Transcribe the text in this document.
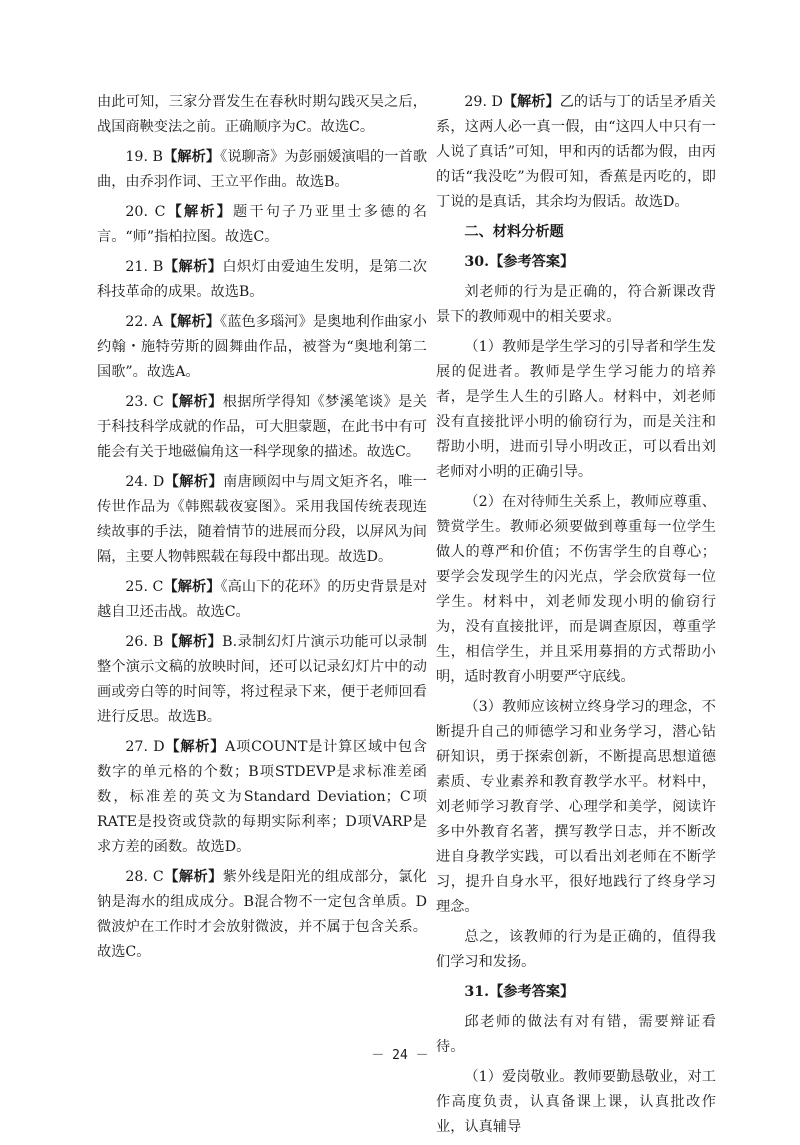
由此可知，三家分晋发生在春秋时期勾践灭吴之后，战国商鞅变法之前。正确顺序为C。故选C。

19. B【解析】《说聊斋》为彭丽媛演唱的一首歌曲，由乔羽作词、王立平作曲。故选B。

20. C【解析】题干句子乃亚里士多德的名言。“师”指柏拉图。故选C。

21. B【解析】白炽灯由爱迪生发明，是第二次科技革命的成果。故选B。

22. A【解析】《蓝色多瑙河》是奥地利作曲家小约翰・施特劳斯的圆舞曲作品，被誉为“奥地利第二国歌”。故选A。

23. C【解析】根据所学得知《梦溪笔谈》是关于科技科学成就的作品，可大胆蒙题，在此书中有可能会有关于地磁偏角这一科学现象的描述。故选C。

24. D【解析】南唐顾闳中与周文矩齐名，唯一传世作品为《韩熙载夜宴图》。采用我国传统表现连续故事的手法，随着情节的进展而分段，以屏风为间隔，主要人物韩熙载在每段中都出现。故选D。

25. C【解析】《高山下的花环》的历史背景是对越自卫还击战。故选C。

26. B【解析】B.录制幻灯片演示功能可以录制整个演示文稿的放映时间，还可以记录幻灯片中的动画或旁白等的时间等，将过程录下来，便于老师回看进行反思。故选B。

27. D【解析】A项COUNT是计算区域中包含数字的单元格的个数；B项STDEVP是求标准差函数，标准差的英文为Standard Deviation；C项RATE是投资或贷款的每期实际利率；D项VARP是求方差的函数。故选D。

28. C【解析】紫外线是阳光的组成部分，氯化钠是海水的组成成分。B混合物不一定包含单质。D微波炉在工作时才会放射微波，并不属于包含关系。故选C。

29. D【解析】乙的话与丁的话呈矛盾关系，这两人必一真一假，由“这四人中只有一人说了真话”可知，甲和丙的话都为假，由丙的话“我没吃”为假可知，香蕉是丙吃的，即丁说的是真话，其余均为假话。故选D。

二、材料分析题

30.【参考答案】

刘老师的行为是正确的，符合新课改背景下的教师观中的相关要求。

（1）教师是学生学习的引导者和学生发展的促进者。教师是学生学习能力的培养者，是学生人生的引路人。材料中，刘老师没有直接批评小明的偷窃行为，而是关注和帮助小明，进而引导小明改正，可以看出刘老师对小明的正确引导。

（2）在对待师生关系上，教师应尊重、赞赏学生。教师必须要做到尊重每一位学生做人的尊严和价值；不伤害学生的自尊心；要学会发现学生的闪光点，学会欣赏每一位学生。材料中，刘老师发现小明的偷窃行为，没有直接批评，而是调查原因，尊重学生，相信学生，并且采用募捐的方式帮助小明，适时教育小明要严守底线。

（3）教师应该树立终身学习的理念，不断提升自己的师德学习和业务学习，潜心钻研知识，勇于探索创新，不断提高思想道德素质、专业素养和教育教学水平。材料中，刘老师学习教育学、心理学和美学，阅读许多中外教育名著，撰写教学日志，并不断改进自身教学实践，可以看出刘老师在不断学习，提升自身水平，很好地践行了终身学习理念。

总之，该教师的行为是正确的，值得我们学习和发扬。

31.【参考答案】

邱老师的做法有对有错，需要辩证看待。

（1）爱岗敬业。教师要勤恳敬业，对工作高度负责，认真备课上课，认真批改作业，认真辅导

－ 24 －
